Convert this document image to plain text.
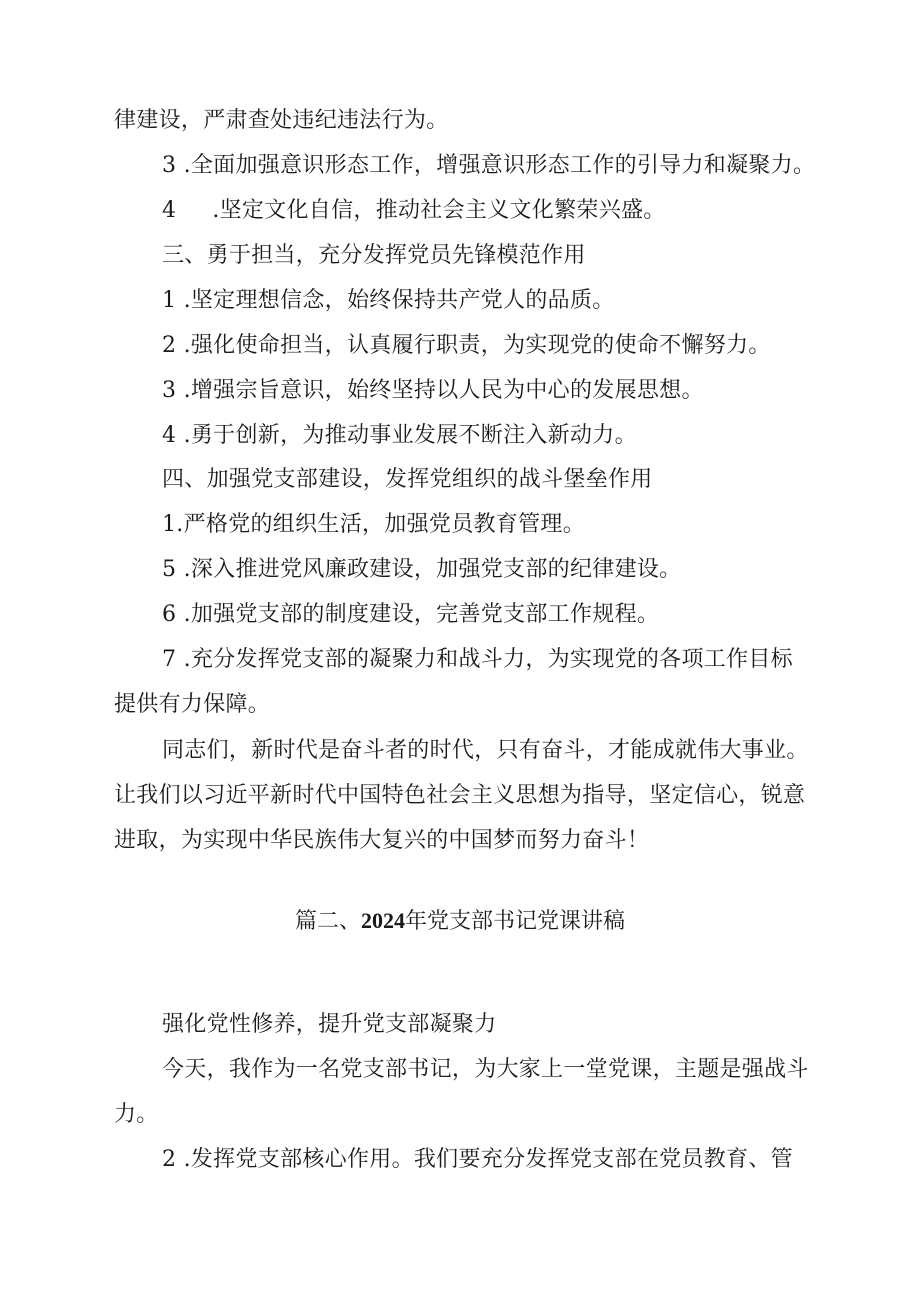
律建设，严肃查处违纪违法行为。
3 .全面加强意识形态工作，增强意识形态工作的引导力和凝聚力。
4 .坚定文化自信，推动社会主义文化繁荣兴盛。
三、勇于担当，充分发挥党员先锋模范作用
1 .坚定理想信念，始终保持共产党人的品质。
2 .强化使命担当，认真履行职责，为实现党的使命不懈努力。
3 .增强宗旨意识，始终坚持以人民为中心的发展思想。
4 .勇于创新，为推动事业发展不断注入新动力。
四、加强党支部建设，发挥党组织的战斗堡垒作用
1.严格党的组织生活，加强党员教育管理。
5 .深入推进党风廉政建设，加强党支部的纪律建设。
6 .加强党支部的制度建设，完善党支部工作规程。
7 .充分发挥党支部的凝聚力和战斗力，为实现党的各项工作目标
提供有力保障。
同志们，新时代是奋斗者的时代，只有奋斗，才能成就伟大事业。
让我们以习近平新时代中国特色社会主义思想为指导，坚定信心，锐意
进取，为实现中华民族伟大复兴的中国梦而努力奋斗！
篇二、2024年党支部书记党课讲稿
强化党性修养，提升党支部凝聚力
今天，我作为一名党支部书记，为大家上一堂党课，主题是强战斗
力。
2 .发挥党支部核心作用。我们要充分发挥党支部在党员教育、管
